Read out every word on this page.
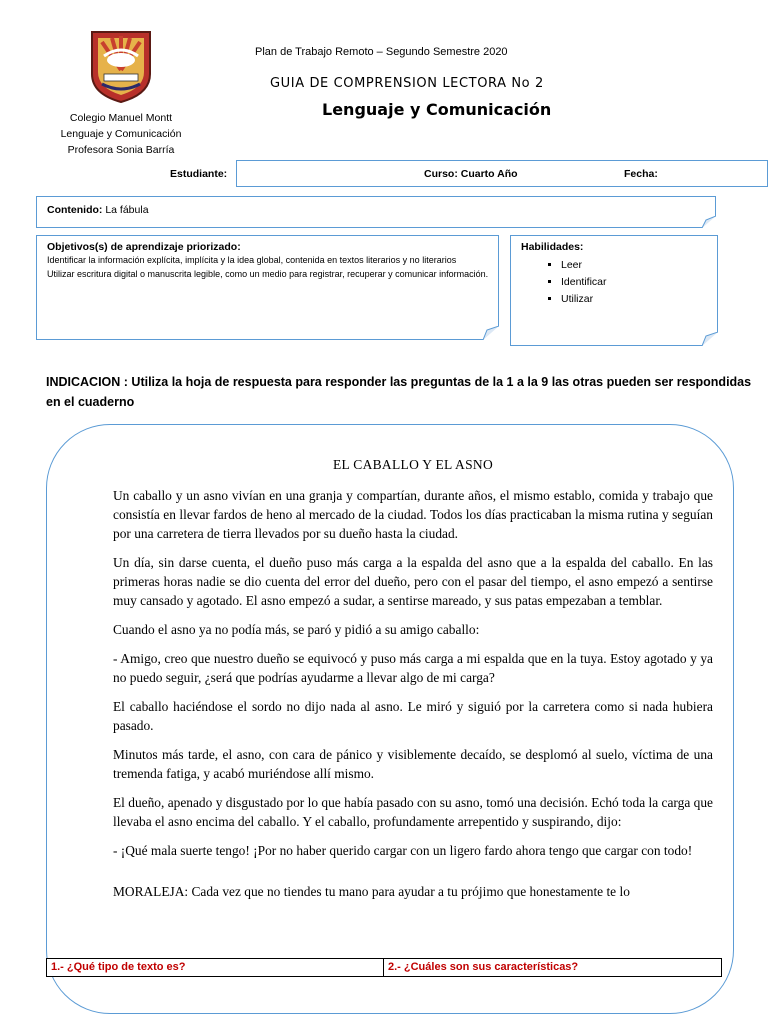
Colegio Manuel Montt
Lenguaje y Comunicación
Profesora Sonia Barría
Plan de Trabajo Remoto – Segundo Semestre 2020
GUIA DE COMPRENSION LECTORA No 2
Lenguaje y Comunicación
Estudiante:	Curso: Cuarto Año	Fecha:
Contenido: La fábula
Objetivos(s) de aprendizaje priorizado:
Identificar la información explícita, implícita y la idea global, contenida en textos literarios y no literarios
Utilizar escritura digital o manuscrita legible, como un medio para registrar, recuperar y comunicar información.
Habilidades:
▪ Leer
▪ Identificar
▪ Utilizar
INDICACION : Utiliza la hoja de respuesta para responder las preguntas de la 1 a la 9 las otras pueden ser respondidas en el cuaderno
EL CABALLO Y EL ASNO

Un caballo y un asno vivían en una granja y compartían, durante años, el mismo establo, comida y trabajo que consistía en llevar fardos de heno al mercado de la ciudad. Todos los días practicaban la misma rutina y seguían por una carretera de tierra llevados por su dueño hasta la ciudad.

Un día, sin darse cuenta, el dueño puso más carga a la espalda del asno que a la espalda del caballo. En las primeras horas nadie se dio cuenta del error del dueño, pero con el pasar del tiempo, el asno empezó a sentirse muy cansado y agotado. El asno empezó a sudar, a sentirse mareado, y sus patas empezaban a temblar.

Cuando el asno ya no podía más, se paró y pidió a su amigo caballo:

- Amigo, creo que nuestro dueño se equivocó y puso más carga a mi espalda que en la tuya. Estoy agotado y ya no puedo seguir, ¿será que podrías ayudarme a llevar algo de mi carga?

El caballo haciéndose el sordo no dijo nada al asno. Le miró y siguió por la carretera como si nada hubiera pasado.

Minutos más tarde, el asno, con cara de pánico y visiblemente decaído, se desplomó al suelo, víctima de una tremenda fatiga, y acabó muriéndose allí mismo.

El dueño, apenado y disgustado por lo que había pasado con su asno, tomó una decisión. Echó toda la carga que llevaba el asno encima del caballo. Y el caballo, profundamente arrepentido y suspirando, dijo:

- ¡Qué mala suerte tengo! ¡Por no haber querido cargar con un ligero fardo ahora tengo que cargar con todo!

MORALEJA: Cada vez que no tiendes tu mano para ayudar a tu prójimo que honestamente te lo

1.- ¿Qué tipo de texto es?	2.- ¿Cuáles son sus características?
